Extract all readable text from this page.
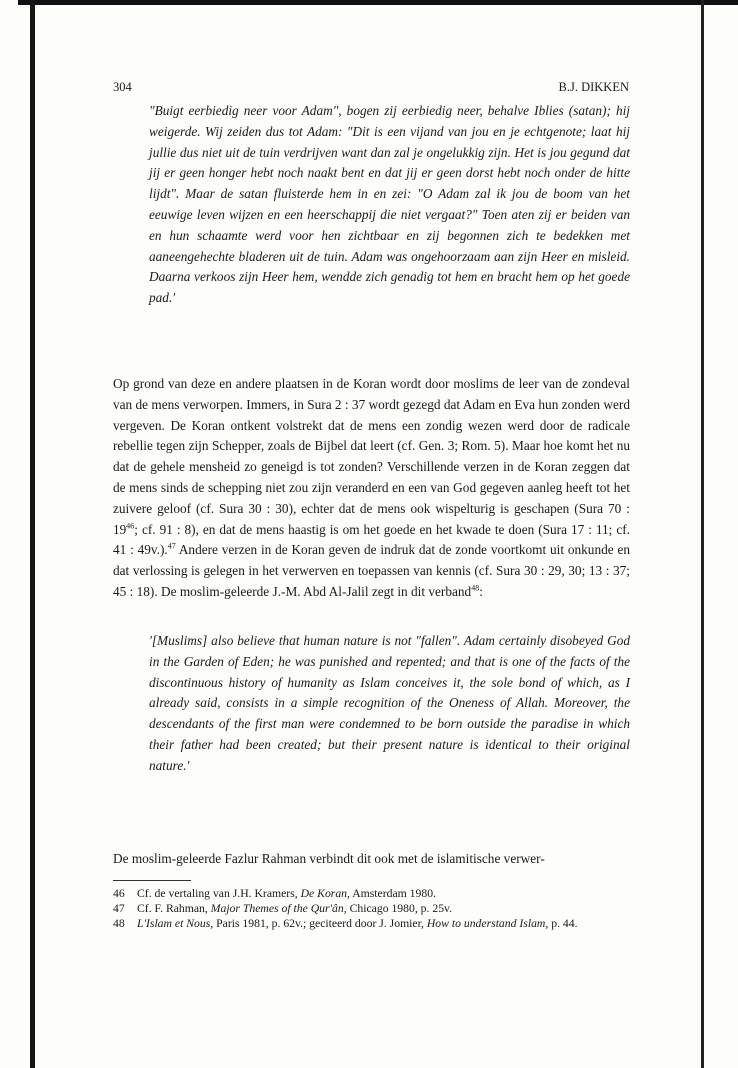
304	B.J. DIKKEN
"Buigt eerbiedig neer voor Adam", bogen zij eerbiedig neer, behalve Iblies (satan); hij weigerde. Wij zeiden dus tot Adam: "Dit is een vijand van jou en je echtgenote; laat hij jullie dus niet uit de tuin verdrijven want dan zal je ongelukkig zijn. Het is jou gegund dat jij er geen honger hebt noch naakt bent en dat jij er geen dorst hebt noch onder de hitte lijdt". Maar de satan fluisterde hem in en zei: "O Adam zal ik jou de boom van het eeuwige leven wijzen en een heerschappij die niet vergaat?" Toen aten zij er beiden van en hun schaamte werd voor hen zichtbaar en zij begonnen zich te bedekken met aaneengehechte bladeren uit de tuin. Adam was ongehoorzaam aan zijn Heer en misleid. Daarna verkoos zijn Heer hem, wendde zich genadig tot hem en bracht hem op het goede pad.'
Op grond van deze en andere plaatsen in de Koran wordt door moslims de leer van de zondeval van de mens verworpen. Immers, in Sura 2 : 37 wordt gezegd dat Adam en Eva hun zonden werd vergeven. De Koran ontkent volstrekt dat de mens een zondig wezen werd door de radicale rebellie tegen zijn Schepper, zoals de Bijbel dat leert (cf. Gen. 3; Rom. 5). Maar hoe komt het nu dat de gehele mensheid zo geneigd is tot zonden? Verschillende verzen in de Koran zeggen dat de mens sinds de schepping niet zou zijn veranderd en een van God gegeven aanleg heeft tot het zuivere geloof (cf. Sura 30 : 30), echter dat de mens ook wispelturig is geschapen (Sura 70 : $19^{46}$; cf. 91 : 8), en dat de mens haastig is om het goede en het kwade te doen (Sura 17 : 11; cf. 41 : 49v.).$^{47}$ Andere verzen in de Koran geven de indruk dat de zonde voortkomt uit onkunde en dat verlossing is gelegen in het verwerven en toepassen van kennis (cf. Sura 30 : 29, 30; 13 : 37; 45 : 18). De moslim-geleerde J.-M. Abd Al-Jalil zegt in dit verband$^{48}$:
'[Muslims] also believe that human nature is not "fallen". Adam certainly disobeyed God in the Garden of Eden; he was punished and repented; and that is one of the facts of the discontinuous history of humanity as Islam conceives it, the sole bond of which, as I already said, consists in a simple recognition of the Oneness of Allah. Moreover, the descendants of the first man were condemned to be born outside the paradise in which their father had been created; but their present nature is identical to their original nature.'
De moslim-geleerde Fazlur Rahman verbindt dit ook met de islamitische verwer-
46	Cf. de vertaling van J.H. Kramers, De Koran, Amsterdam 1980.
47	Cf. F. Rahman, Major Themes of the Qur'ân, Chicago 1980, p. 25v.
48	L'Islam et Nous, Paris 1981, p. 62v.; geciteerd door J. Jomier, How to understand Islam, p. 44.
